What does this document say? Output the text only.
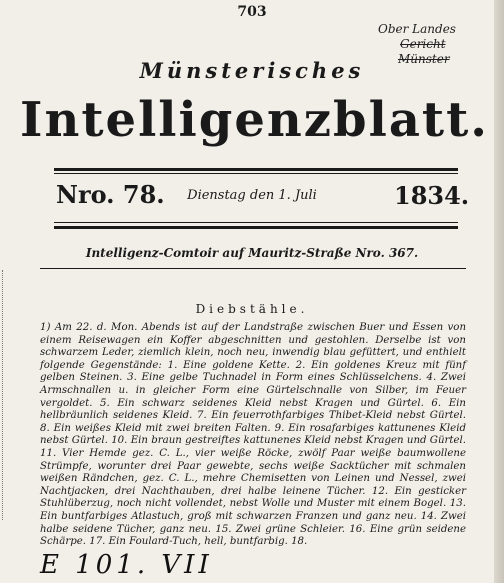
703
Ober Landes
Gericht
Münster
Münsterisches
Intelligenzblatt.
Nro. 78.	Dienstag den 1. Juli	1834.
Intelligenz-Comtoir auf Mauritz-Straße Nro. 367.
Diebstähle.

1) Am 22. d. Mon. Abends ist auf der Landstraße zwischen Buer und Essen von einem Reisewagen ein Koffer abgeschnitten und gestohlen. Derselbe ist von schwarzem Leder, ziemlich klein, noch neu, inwendig blau gefüttert, und enthielt folgende Gegenstände: 1. Eine goldene Kette. 2. Ein goldenes Kreuz mit fünf gelben Steinen. 3. Eine gelbe Tuchnadel in Form eines Schlüsselchens. 4. Zwei Armschnallen u. in gleicher Form eine Gürtelschnalle von Silber, im Feuer vergoldet. 5. Ein schwarz seidenes Kleid nebst Kragen und Gürtel. 6. Ein hellbräunlich seidenes Kleid. 7. Ein feuerrothfarbiges Thibet-Kleid nebst Gürtel. 8. Ein weißes Kleid mit zwei breiten Falten. 9. Ein rosafarbiges kattunenes Kleid nebst Gürtel. 10. Ein braun gestreiftes kattunenes Kleid nebst Kragen und Gürtel. 11. Vier Hemde gez. C. L., vier weiße Röcke, zwölf Paar weiße baumwollene Strümpfe, worunter drei Paar gewebte, sechs weiße Sacktücher mit schmalen weißen Rändchen, gez. C. L., mehre Chemisetten von Leinen und Nessel, zwei Nachtjacken, drei Nachthauben, drei halbe leinene Tücher. 12. Ein gesticker Stuhlüberzug, noch nicht vollendet, nebst Wolle und Muster mit einem Bogel. 13. Ein buntfarbiges Atlastuch, groß mit schwarzen Franzen und ganz neu. 14. Zwei halbe seidene Tücher, ganz neu. 15. Zwei grüne Schleier. 16. Eine grün seidene Schärpe. 17. Ein Foulard-Tuch, hell, buntfarbig. 18.

E 101. VII
